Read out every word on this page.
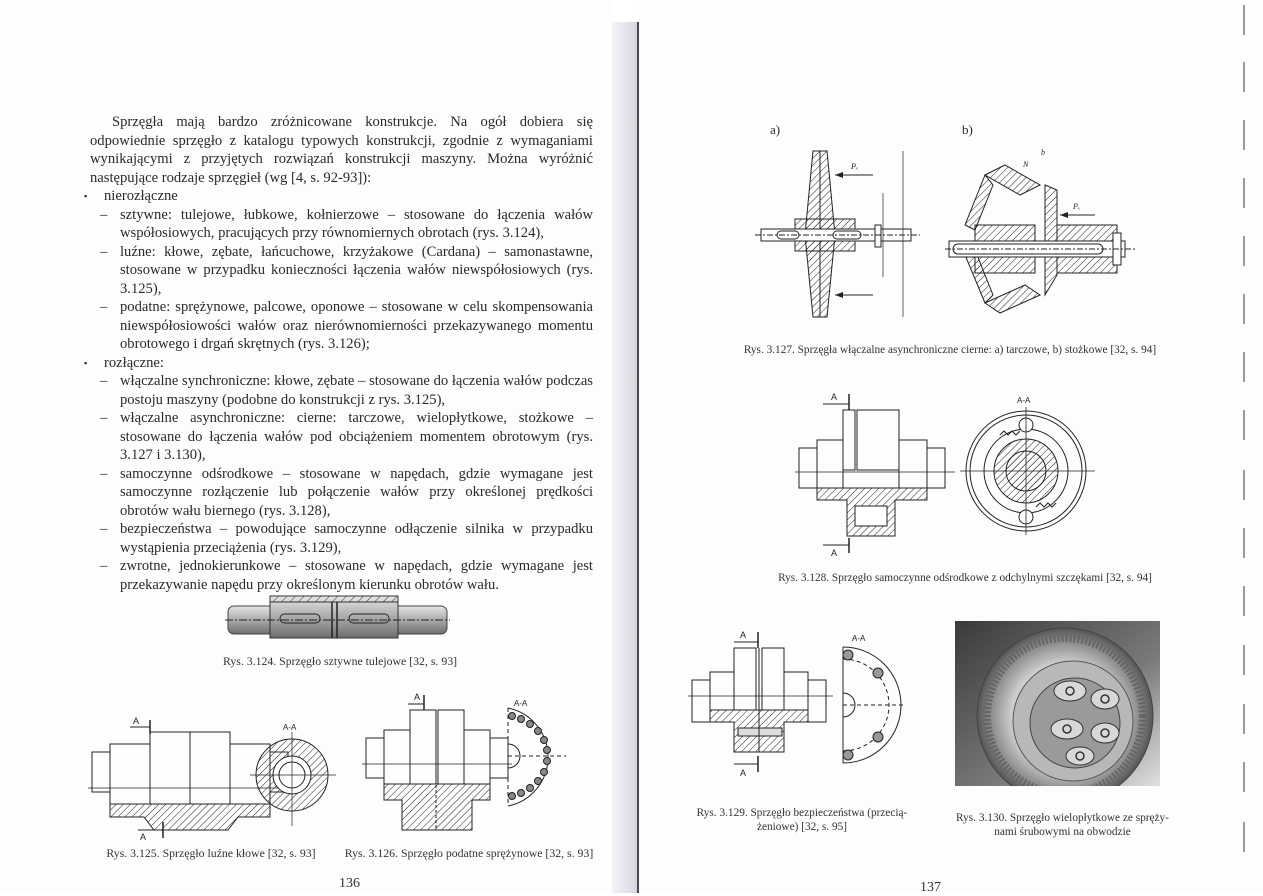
Sprzęgła mają bardzo zróżnicowane konstrukcje. Na ogół dobiera się odpowiednie sprzęgło z katalogu typowych konstrukcji, zgodnie z wymaganiami wynikającymi z przyjętych rozwiązań konstrukcji maszyny. Można wyróżnić następujące rodzaje sprzęgieł (wg [4, s. 92-93]):

▪ nierozłączne

– sztywne: tulejowe, łubkowe, kołnierzowe – stosowane do łączenia wałów współosiowych, pracujących przy równomiernych obrotach (rys. 3.124),

– luźne: kłowe, zębate, łańcuchowe, krzyżakowe (Cardana) – samonastawne, stosowane w przypadku konieczności łączenia wałów niewspółosiowych (rys. 3.125),

– podatne: sprężynowe, palcowe, oponowe – stosowane w celu skompensowania niewspółosiowości wałów oraz nierównomierności przekazywanego momentu obrotowego i drgań skrętnych (rys. 3.126);

▪ rozłączne:

– włączalne synchroniczne: kłowe, zębate – stosowane do łączenia wałów podczas postoju maszyny (podobne do konstrukcji z rys. 3.125),

– włączalne asynchroniczne: cierne: tarczowe, wielopłytkowe, stożkowe – stosowane do łączenia wałów pod obciążeniem momentem obrotowym (rys. 3.127 i 3.130),

– samoczynne odśrodkowe – stosowane w napędach, gdzie wymagane jest samoczynne rozłączenie lub połączenie wałów przy określonej prędkości obrotów wału biernego (rys. 3.128),

– bezpieczeństwa – powodujące samoczynne odłączenie silnika w przypadku wystąpienia przeciążenia (rys. 3.129),

– zwrotne, jednokierunkowe – stosowane w napędach, gdzie wymagane jest przekazywanie napędu przy określonym kierunku obrotów wału.

Rys. 3.124. Sprzęgło sztywne tulejowe [32, s. 93]
A
A
A-A
Rys. 3.125. Sprzęgło luźne kłowe [32, s. 93]
A
A-A
Rys. 3.126. Sprzęgło podatne sprężynowe [32, s. 93]
136
a)	b)
Pₓ
Pₓ
N
b
Rys. 3.127. Sprzęgła włączalne asynchroniczne cierne: a) tarczowe, b) stożkowe [32, s. 94]
A
A
A-A
Rys. 3.128. Sprzęgło samoczynne odśrodkowe z odchylnymi szczękami [32, s. 94]
A
A
A-A
Rys. 3.129. Sprzęgło bezpieczeństwa (przecią-
żeniowe) [32, s. 95]
Rys. 3.130. Sprzęgło wielopłytkowe ze spręży-
nami śrubowymi na obwodzie
137
